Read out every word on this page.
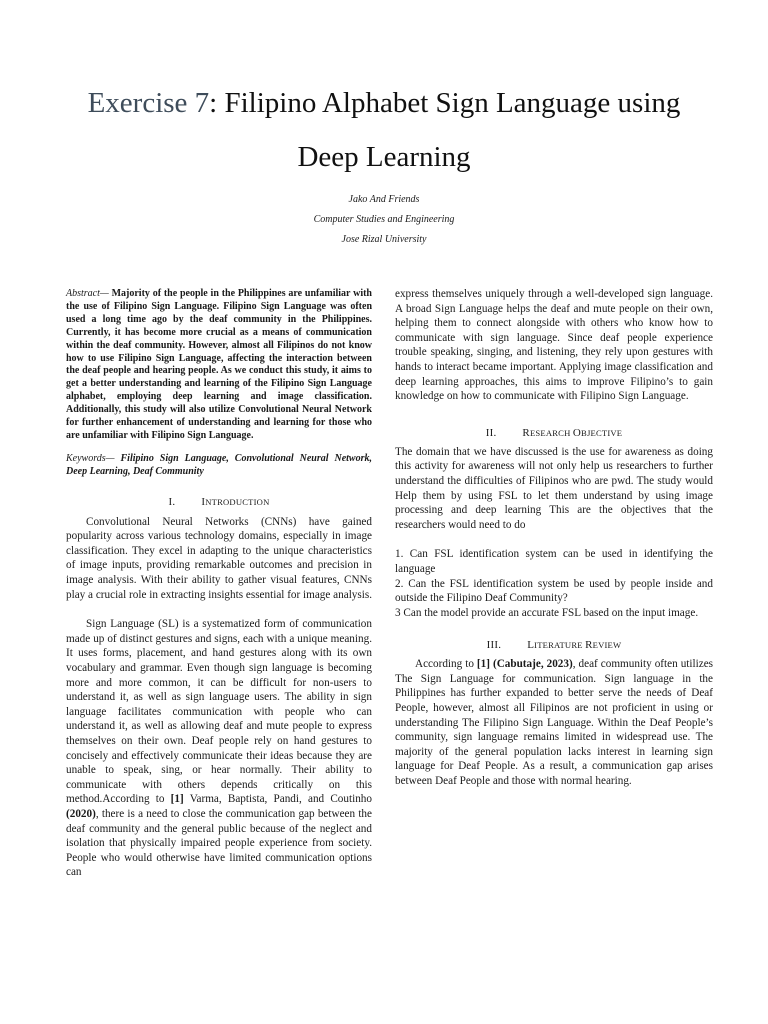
Exercise 7: Filipino Alphabet Sign Language using
Deep Learning
Jako And Friends
Computer Studies and Engineering
Jose Rizal University

Abstract— Majority of the people in the Philippines are unfamiliar with the use of Filipino Sign Language. Filipino Sign Language was often used a long time ago by the deaf community in the Philippines. Currently, it has become more crucial as a means of communication within the deaf community. However, almost all Filipinos do not know how to use Filipino Sign Language, affecting the interaction between the deaf people and hearing people. As we conduct this study, it aims to get a better understanding and learning of the Filipino Sign Language alphabet, employing deep learning and image classification. Additionally, this study will also utilize Convolutional Neural Network for further enhancement of understanding and learning for those who are unfamiliar with Filipino Sign Language.

Keywords— Filipino Sign Language, Convolutional Neural Network, Deep Learning, Deaf Community

I. INTRODUCTION

Convolutional Neural Networks (CNNs) have gained popularity across various technology domains, especially in image classification. They excel in adapting to the unique characteristics of image inputs, providing remarkable outcomes and precision in image analysis. With their ability to gather visual features, CNNs play a crucial role in extracting insights essential for image analysis.

Sign Language (SL) is a systematized form of communication made up of distinct gestures and signs, each with a unique meaning. It uses forms, placement, and hand gestures along with its own vocabulary and grammar. Even though sign language is becoming more and more common, it can be difficult for non-users to understand it, as well as sign language users. The ability in sign language facilitates communication with people who can understand it, as well as allowing deaf and mute people to express themselves on their own. Deaf people rely on hand gestures to concisely and effectively communicate their ideas because they are unable to speak, sing, or hear normally. Their ability to communicate with others depends critically on this method.According to [1] Varma, Baptista, Pandi, and Coutinho (2020), there is a need to close the communication gap between the deaf community and the general public because of the neglect and isolation that physically impaired people experience from society. People who would otherwise have limited communication options can

express themselves uniquely through a well-developed sign language. A broad Sign Language helps the deaf and mute people on their own, helping them to connect alongside with others who know how to communicate with sign language. Since deaf people experience trouble speaking, singing, and listening, they rely upon gestures with hands to interact became important. Applying image classification and deep learning approaches, this aims to improve Filipino’s to gain knowledge on how to communicate with Filipino Sign Language.

II. RESEARCH OBJECTIVE

The domain that we have discussed is the use for awareness as doing this activity for awareness will not only help us researchers to further understand the difficulties of Filipinos who are pwd. The study would Help them by using FSL to let them understand by using image processing and deep learning This are the objectives that the researchers would need to do

1. Can FSL identification system can be used in identifying the language

2. Can the FSL identification system be used by people inside and outside the Filipino Deaf Community?

3 Can the model provide an accurate FSL based on the input image.

III. LITERATURE REVIEW

According to [1] (Cabutaje, 2023), deaf community often utilizes The Sign Language for communication. Sign language in the Philippines has further expanded to better serve the needs of Deaf People, however, almost all Filipinos are not proficient in using or understanding The Filipino Sign Language. Within the Deaf People’s community, sign language remains limited in widespread use. The majority of the general population lacks interest in learning sign language for Deaf People. As a result, a communication gap arises between Deaf People and those with normal hearing.
